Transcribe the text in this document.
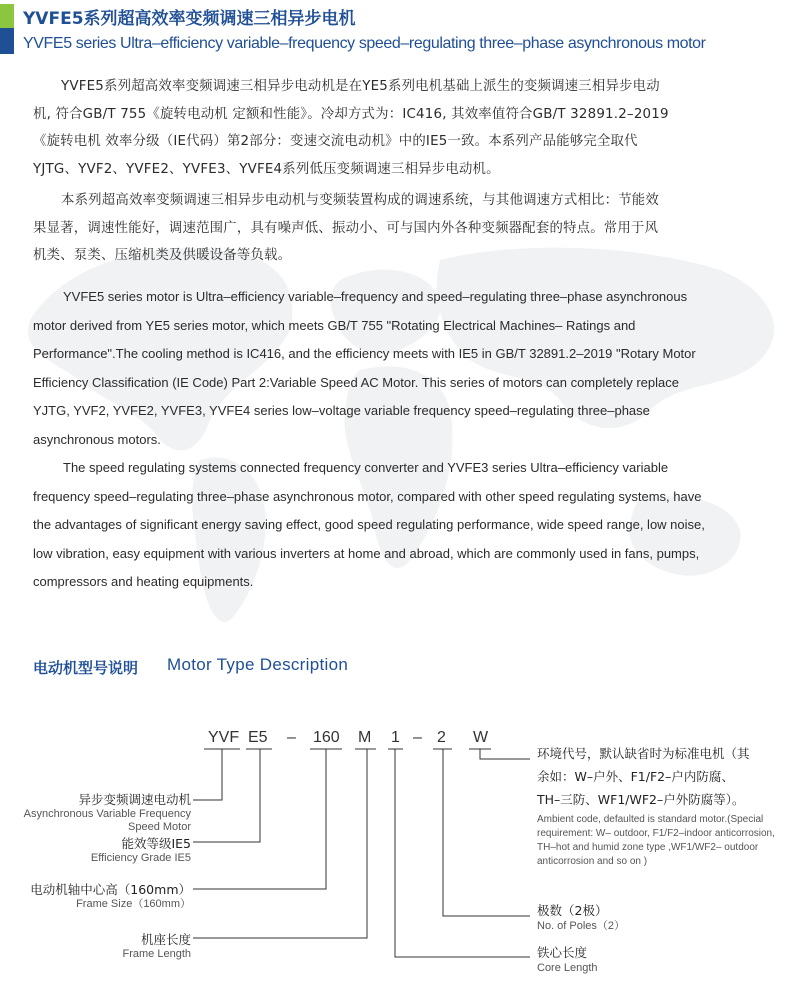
YVFE5系列超高效率变频调速三相异步电机
YVFE5 series Ultra–efficiency variable–frequency speed–regulating three–phase asynchronous motor
YVFE5系列超高效率变频调速三相异步电动机是在YE5系列电机基础上派生的变频调速三相异步电动
机, 符合GB/T 755《旋转电动机 定额和性能》。冷却方式为：IC416, 其效率值符合GB/T 32891.2–2019
《旋转电机 效率分级（IE代码）第2部分：变速交流电动机》中的IE5一致。本系列产品能够完全取代
YJTG、YVF2、YVFE2、YVFE3、YVFE4系列低压变频调速三相异步电动机。
本系列超高效率变频调速三相异步电动机与变频装置构成的调速系统，与其他调速方式相比：节能效
果显著，调速性能好，调速范围广，具有噪声低、振动小、可与国内外各种变频器配套的特点。常用于风
机类、泵类、压缩机类及供暖设备等负载。
YVFE5 series motor is Ultra–efficiency variable–frequency and speed–regulating three–phase asynchronous
motor derived from YE5 series motor, which meets GB/T 755 "Rotating Electrical Machines– Ratings and
Performance".The cooling method is IC416, and the efficiency meets with IE5 in GB/T 32891.2–2019 "Rotary Motor
Efficiency Classification (IE Code) Part 2:Variable Speed AC Motor. This series of motors can completely replace
YJTG, YVF2, YVFE2, YVFE3, YVFE4 series low–voltage variable frequency speed–regulating three–phase
asynchronous motors.
The speed regulating systems connected frequency converter and YVFE3 series Ultra–efficiency variable
frequency speed–regulating three–phase asynchronous motor, compared with other speed regulating systems, have
the advantages of significant energy saving effect, good speed regulating performance, wide speed range, low noise,
low vibration, easy equipment with various inverters at home and abroad, which are commonly used in fans, pumps,
compressors and heating equipments.
电动机型号说明 Motor Type Description
YVF E5 – 160 M 1 – 2 W
异步变频调速电动机
Asynchronous Variable Frequency
Speed Motor
能效等级IE5
Efficiency Grade IE5
电动机轴中心高（160mm）
Frame Size（160mm）
机座长度
Frame Length
环境代号，默认缺省时为标准电机（其
余如：W–户外、F1/F2–户内防腐、
TH–三防、WF1/WF2–户外防腐等）。
Ambient code, defaulted is standard motor.(Special
requirement: W– outdoor, F1/F2–indoor anticorrosion,
TH–hot and humid zone type ,WF1/WF2– outdoor
anticorrosion and so on )
极数（2极）
No. of Poles（2）
铁心长度
Core Length
